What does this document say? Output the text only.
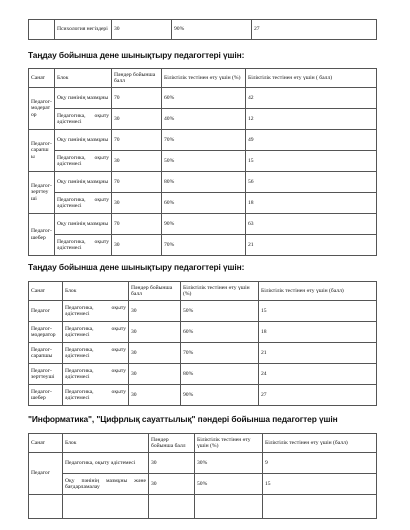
	Психология негіздері	30	90%	27
Таңдау бойынша дене шынықтыру педагогтері үшін:
Санат	Блок	Пәндер бойынша балл	Біліктілік тестінен өту үшін (%)	Біліктілік тестінен өту үшін ( балл)
Педагог-модератор	Оқу пәнінің мазмұны	70	60%	42
	Педагогика, оқыту әдістемесі	30	40%	12
Педагог-сарапшы	Оқу пәнінің мазмұны	70	70%	49
	Педагогика, оқыту әдістемесі	30	50%	15
Педагог-зерттеуші	Оқу пәнінің мазмұны	70	80%	56
	Педагогика, оқыту әдістемесі	30	60%	18
Педагог-шебер	Оқу пәнінің мазмұны	70	90%	63
	Педагогика, оқыту әдістемесі	30	70%	21
Таңдау бойынша дене шынықтыру педагогтері үшін:
Санат	Блок	Пәндер бойынша балл	Біліктілік тестінен өту үшін (%)	Біліктілік тестінен өту үшін (балл)
Педагог	Педагогика, оқыту әдістемесі	30	50%	15
Педагог-модератор	Педагогика, оқыту әдістемесі	30	60%	18
Педагог-сарапшы	Педагогика, оқыту әдістемесі	30	70%	21
Педагог-зерттеуші	Педагогика, оқыту әдістемесі	30	80%	24
Педагог-шебер	Педагогика, оқыту әдістемесі	30	90%	27
"Информатика", "Цифрлық сауаттылық" пәндері бойынша педагогтер үшін
Санат	Блок	Пәндер бойынша балл	Біліктілік тестінен өту үшін (%)	Біліктілік тестінен өту үшін (балл)
Педагог	Педагогика, оқыту әдістемесі	30	30%	9
	Оқу пәнінің мазмұны және бағдарламалау	30	50%	15
